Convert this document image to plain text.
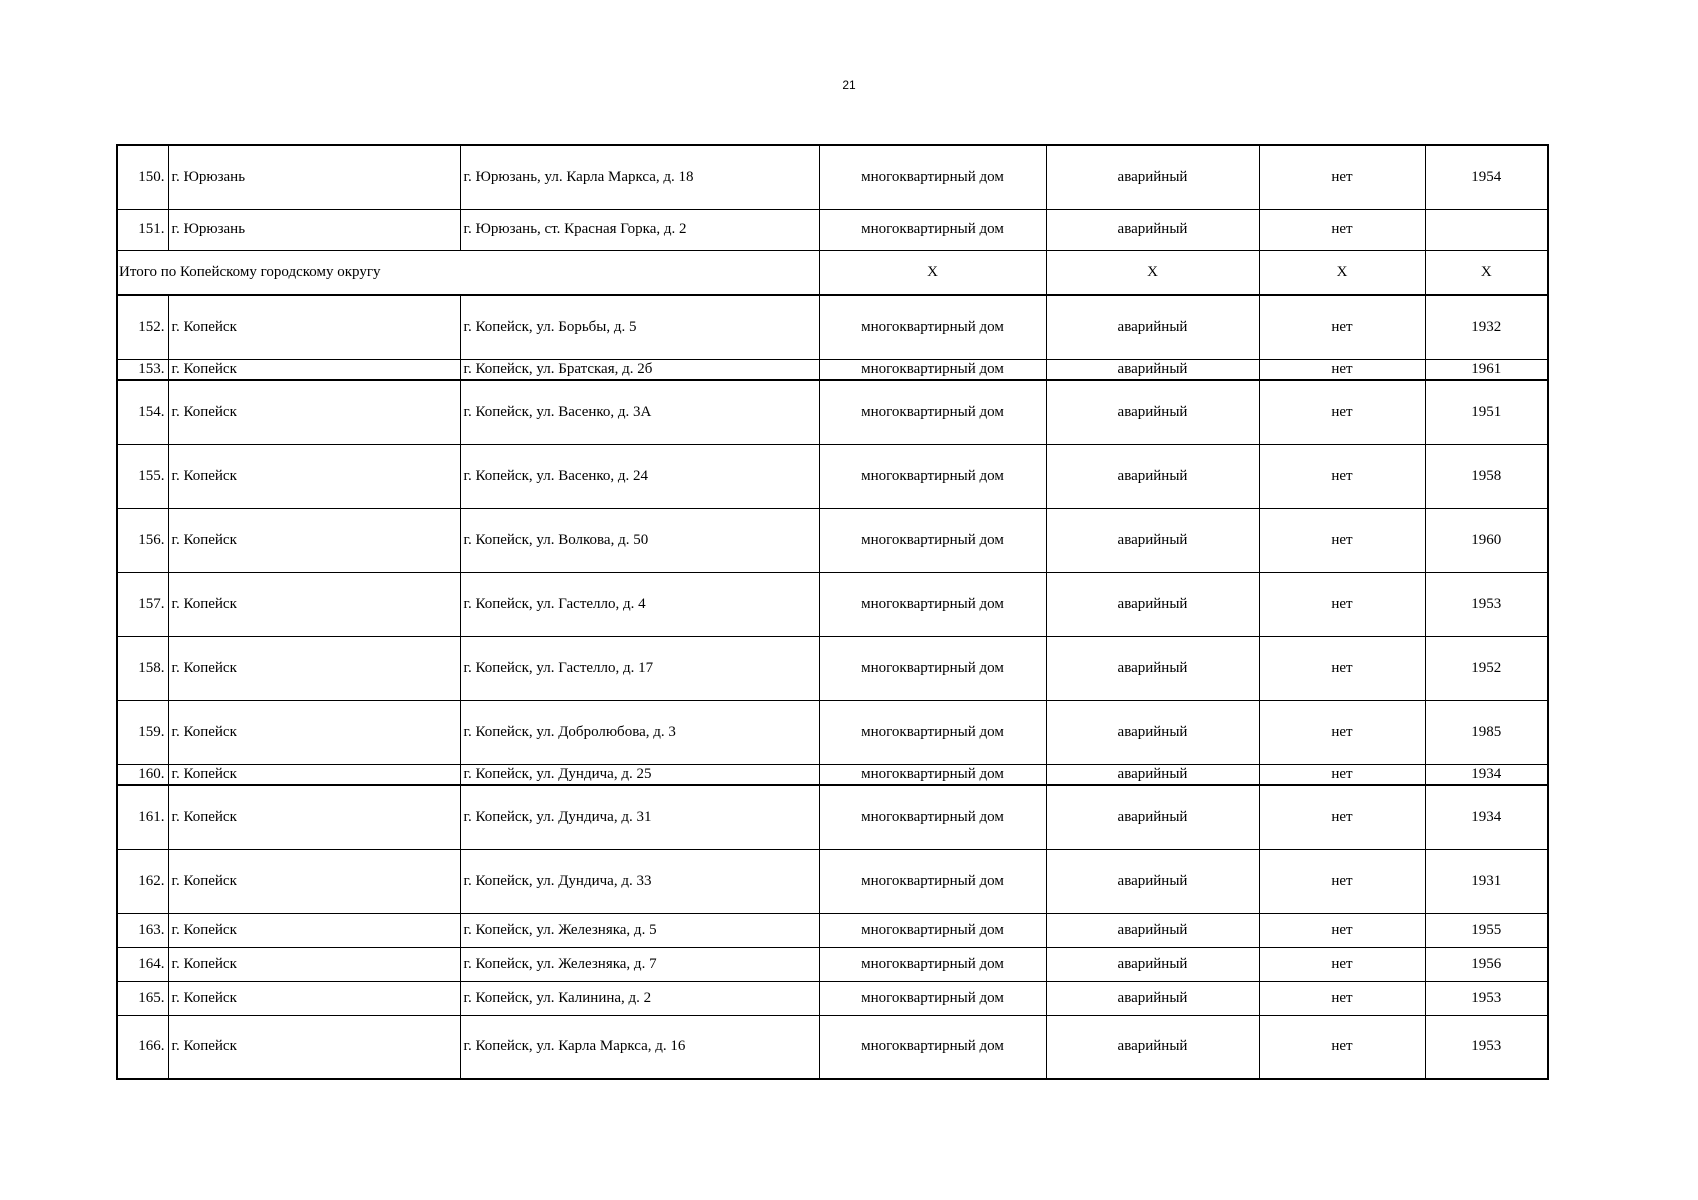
21
150.	г. Юрюзань	г. Юрюзань, ул. Карла Маркса, д. 18	многоквартирный дом	аварийный	нет	1954
151.	г. Юрюзань	г. Юрюзань, ст. Красная Горка, д. 2	многоквартирный дом	аварийный	нет	
Итого по Копейскому городскому округу			Х	Х	Х	Х
152.	г. Копейск	г. Копейск, ул. Борьбы, д. 5	многоквартирный дом	аварийный	нет	1932
153.	г. Копейск	г. Копейск, ул. Братская, д. 2б	многоквартирный дом	аварийный	нет	1961
154.	г. Копейск	г. Копейск, ул. Васенко, д. 3А	многоквартирный дом	аварийный	нет	1951
155.	г. Копейск	г. Копейск, ул. Васенко, д. 24	многоквартирный дом	аварийный	нет	1958
156.	г. Копейск	г. Копейск, ул. Волкова, д. 50	многоквартирный дом	аварийный	нет	1960
157.	г. Копейск	г. Копейск, ул. Гастелло, д. 4	многоквартирный дом	аварийный	нет	1953
158.	г. Копейск	г. Копейск, ул. Гастелло, д. 17	многоквартирный дом	аварийный	нет	1952
159.	г. Копейск	г. Копейск, ул. Добролюбова, д. 3	многоквартирный дом	аварийный	нет	1985
160.	г. Копейск	г. Копейск, ул. Дундича, д. 25	многоквартирный дом	аварийный	нет	1934
161.	г. Копейск	г. Копейск, ул. Дундича, д. 31	многоквартирный дом	аварийный	нет	1934
162.	г. Копейск	г. Копейск, ул. Дундича, д. 33	многоквартирный дом	аварийный	нет	1931
163.	г. Копейск	г. Копейск, ул. Железняка, д. 5	многоквартирный дом	аварийный	нет	1955
164.	г. Копейск	г. Копейск, ул. Железняка, д. 7	многоквартирный дом	аварийный	нет	1956
165.	г. Копейск	г. Копейск, ул. Калинина, д. 2	многоквартирный дом	аварийный	нет	1953
166.	г. Копейск	г. Копейск, ул. Карла Маркса, д. 16	многоквартирный дом	аварийный	нет	1953
